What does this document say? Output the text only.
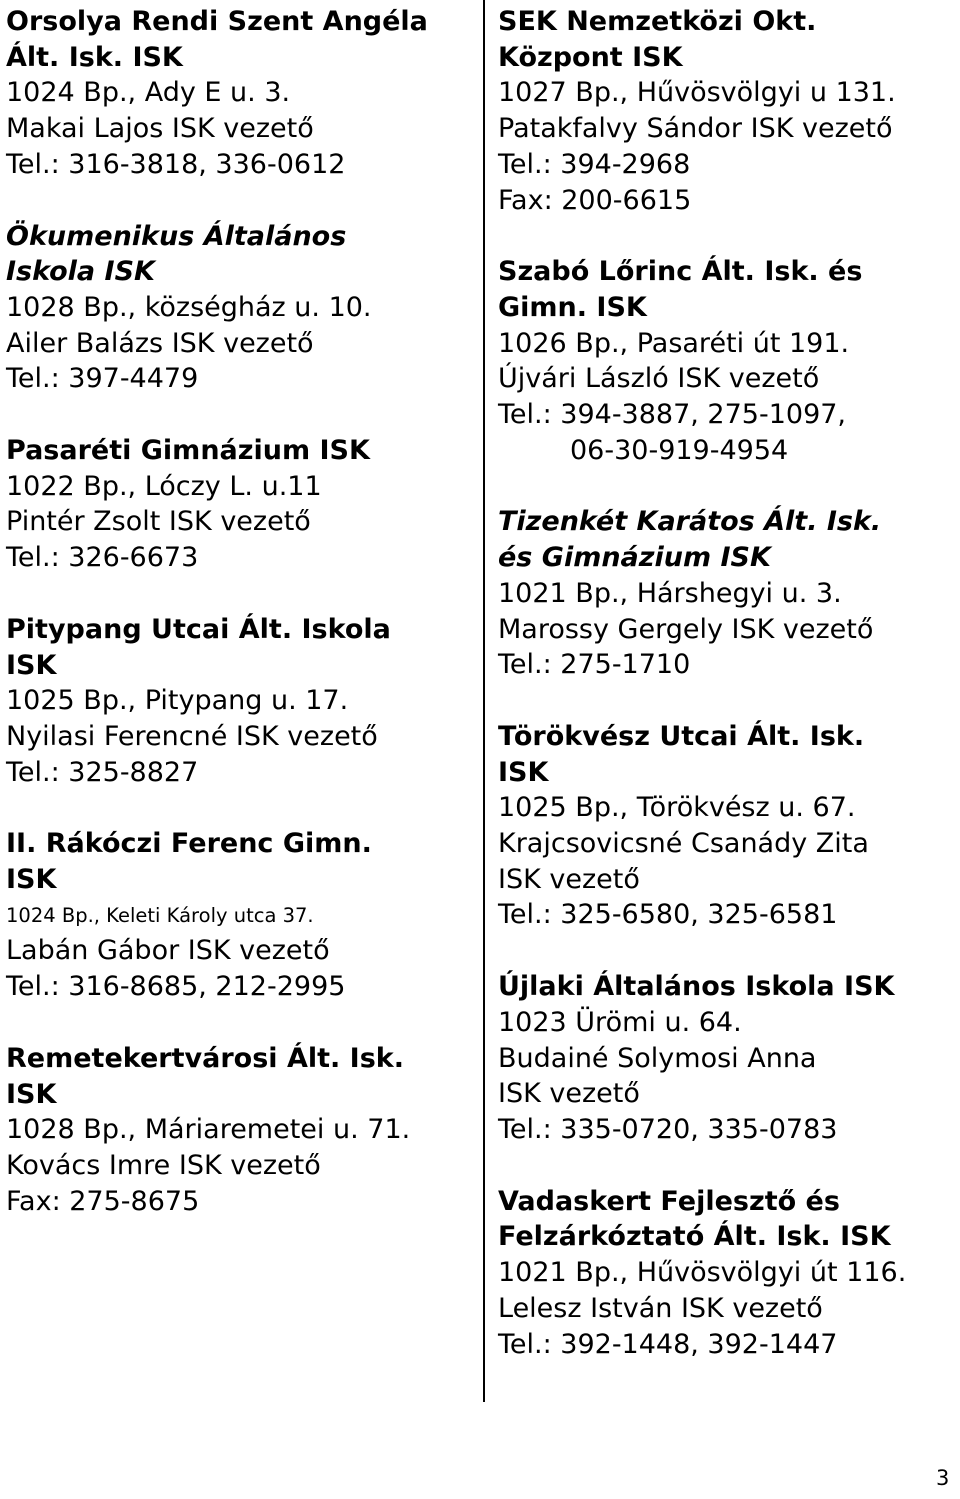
Orsolya Rendi Szent Angéla
Ált. Isk. ISK
1024 Bp., Ady E u. 3.
Makai Lajos ISK vezető
Tel.: 316-3818, 336-0612
Ökumenikus Általános
Iskola ISK
1028 Bp., községház u. 10.
Ailer Balázs ISK vezető
Tel.: 397-4479
Pasaréti Gimnázium ISK
1022 Bp., Lóczy L. u.11
Pintér Zsolt ISK vezető
Tel.: 326-6673
Pitypang Utcai Ált. Iskola
ISK
1025 Bp., Pitypang u. 17.
Nyilasi Ferencné ISK vezető
Tel.: 325-8827
II. Rákóczi Ferenc Gimn.
ISK
1024 Bp., Keleti Károly utca 37.
Labán Gábor ISK vezető
Tel.: 316-8685, 212-2995
Remetekertvárosi Ált. Isk.
ISK
1028 Bp., Máriaremetei u. 71.
Kovács Imre ISK vezető
Fax: 275-8675
SEK Nemzetközi Okt.
Központ ISK
1027 Bp., Hűvösvölgyi u 131.
Patakfalvy Sándor ISK vezető
Tel.: 394-2968
Fax: 200-6615
Szabó Lőrinc Ált. Isk. és
Gimn. ISK
1026 Bp., Pasaréti út 191.
Újvári László ISK vezető
Tel.: 394-3887, 275-1097,
06-30-919-4954
Tizenkét Karátos Ált. Isk.
és Gimnázium ISK
1021 Bp., Hárshegyi u. 3.
Marossy Gergely ISK vezető
Tel.: 275-1710
Törökvész Utcai Ált. Isk.
ISK
1025 Bp., Törökvész u. 67.
Krajcsovicsné Csanády Zita
ISK vezető
Tel.: 325-6580, 325-6581
Újlaki Általános Iskola ISK
1023 Ürömi u. 64.
Budainé Solymosi Anna
ISK vezető
Tel.: 335-0720, 335-0783
Vadaskert Fejlesztő és
Felzárkóztató Ált. Isk. ISK
1021 Bp., Hűvösvölgyi út 116.
Lelesz István ISK vezető
Tel.: 392-1448, 392-1447
3
